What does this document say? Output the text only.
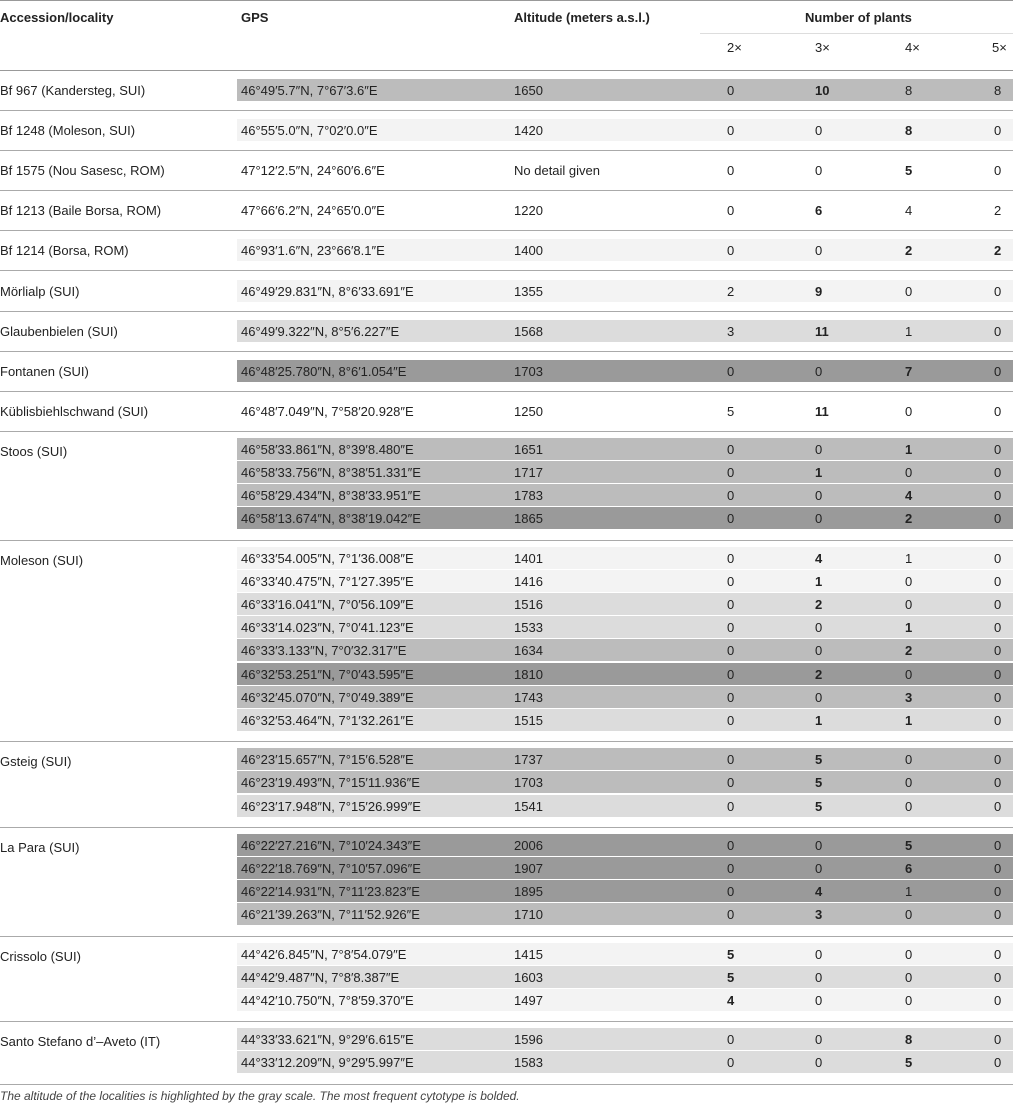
Accession/locality	GPS	Altitude (meters a.s.l.)	Number of plants
2×	3×	4×	5×
Bf 967 (Kandersteg, SUI)	46°49′5.7″N, 7°67′3.6″E	1650	0	10	8	8
Bf 1248 (Moleson, SUI)	46°55′5.0″N, 7°02′0.0″E	1420	0	0	8	0
Bf 1575 (Nou Sasesc, ROM)	47°12′2.5″N, 24°60′6.6″E	No detail given	0	0	5	0
Bf 1213 (Baile Borsa, ROM)	47°66′6.2″N, 24°65′0.0″E	1220	0	6	4	2
Bf 1214 (Borsa, ROM)	46°93′1.6″N, 23°66′8.1″E	1400	0	0	2	2
Mörlialp (SUI)	46°49′29.831″N, 8°6′33.691″E	1355	2	9	0	0
Glaubenbielen (SUI)	46°49′9.322″N, 8°5′6.227″E	1568	3	11	1	0
Fontanen (SUI)	46°48′25.780″N, 8°6′1.054″E	1703	0	0	7	0
Küblisbiehlschwand (SUI)	46°48′7.049″N, 7°58′20.928″E	1250	5	11	0	0
Stoos (SUI)	46°58′33.861″N, 8°39′8.480″E	1651	0	0	1	0
46°58′33.756″N, 8°38′51.331″E	1717	0	1	0	0
46°58′29.434″N, 8°38′33.951″E	1783	0	0	4	0
46°58′13.674″N, 8°38′19.042″E	1865	0	0	2	0
Moleson (SUI)	46°33′54.005″N, 7°1′36.008″E	1401	0	4	1	0
46°33′40.475″N, 7°1′27.395″E	1416	0	1	0	0
46°33′16.041″N, 7°0′56.109″E	1516	0	2	0	0
46°33′14.023″N, 7°0′41.123″E	1533	0	0	1	0
46°33′3.133″N, 7°0′32.317″E	1634	0	0	2	0
46°32′53.251″N, 7°0′43.595″E	1810	0	2	0	0
46°32′45.070″N, 7°0′49.389″E	1743	0	0	3	0
46°32′53.464″N, 7°1′32.261″E	1515	0	1	1	0
Gsteig (SUI)	46°23′15.657″N, 7°15′6.528″E	1737	0	5	0	0
46°23′19.493″N, 7°15′11.936″E	1703	0	5	0	0
46°23′17.948″N, 7°15′26.999″E	1541	0	5	0	0
La Para (SUI)	46°22′27.216″N, 7°10′24.343″E	2006	0	0	5	0
46°22′18.769″N, 7°10′57.096″E	1907	0	0	6	0
46°22′14.931″N, 7°11′23.823″E	1895	0	4	1	0
46°21′39.263″N, 7°11′52.926″E	1710	0	3	0	0
Crissolo (SUI)	44°42′6.845″N, 7°8′54.079″E	1415	5	0	0	0
44°42′9.487″N, 7°8′8.387″E	1603	5	0	0	0
44°42′10.750″N, 7°8′59.370″E	1497	4	0	0	0
Santo Stefano d’–Aveto (IT)	44°33′33.621″N, 9°29′6.615″E	1596	0	0	8	0
44°33′12.209″N, 9°29′5.997″E	1583	0	0	5	0
The altitude of the localities is highlighted by the gray scale. The most frequent cytotype is bolded.
